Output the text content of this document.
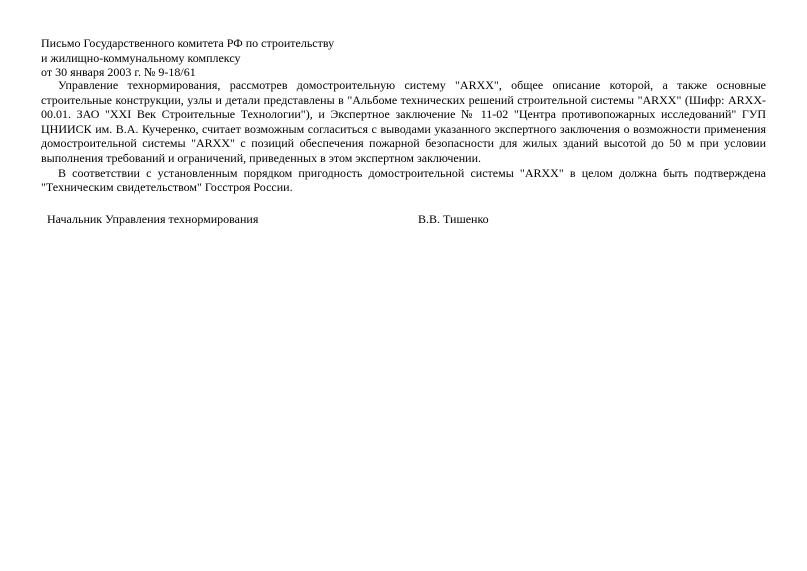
Письмо Государственного комитета РФ по строительству
и жилищно-коммунальному комплексу
от 30 января 2003 г. № 9-18/61

Управление технормирования, рассмотрев домостроительную систему "ARXX", общее описание которой, а также основные строительные конструкции, узлы и детали представлены в "Альбоме технических решений строительной системы "ARXX" (Шифр: ARXX-00.01. ЗАО "XXI Век Строительные Технологии"), и Экспертное заключение № 11-02 "Центра противопожарных исследований" ГУП ЦНИИСК им. В.А. Кучеренко, считает возможным согласиться с выводами указанного экспертного заключения о возможности применения домостроительной системы "ARXX" с позиций обеспечения пожарной безопасности для жилых зданий высотой до 50 м при условии выполнения требований и ограничений, приведенных в этом экспертном заключении.

В соответствии с установленным порядком пригодность домостроительной системы "ARXX" в целом должна быть подтверждена "Техническим свидетельством" Госстроя России.

Начальник Управления технормирования	В.В. Тишенко
